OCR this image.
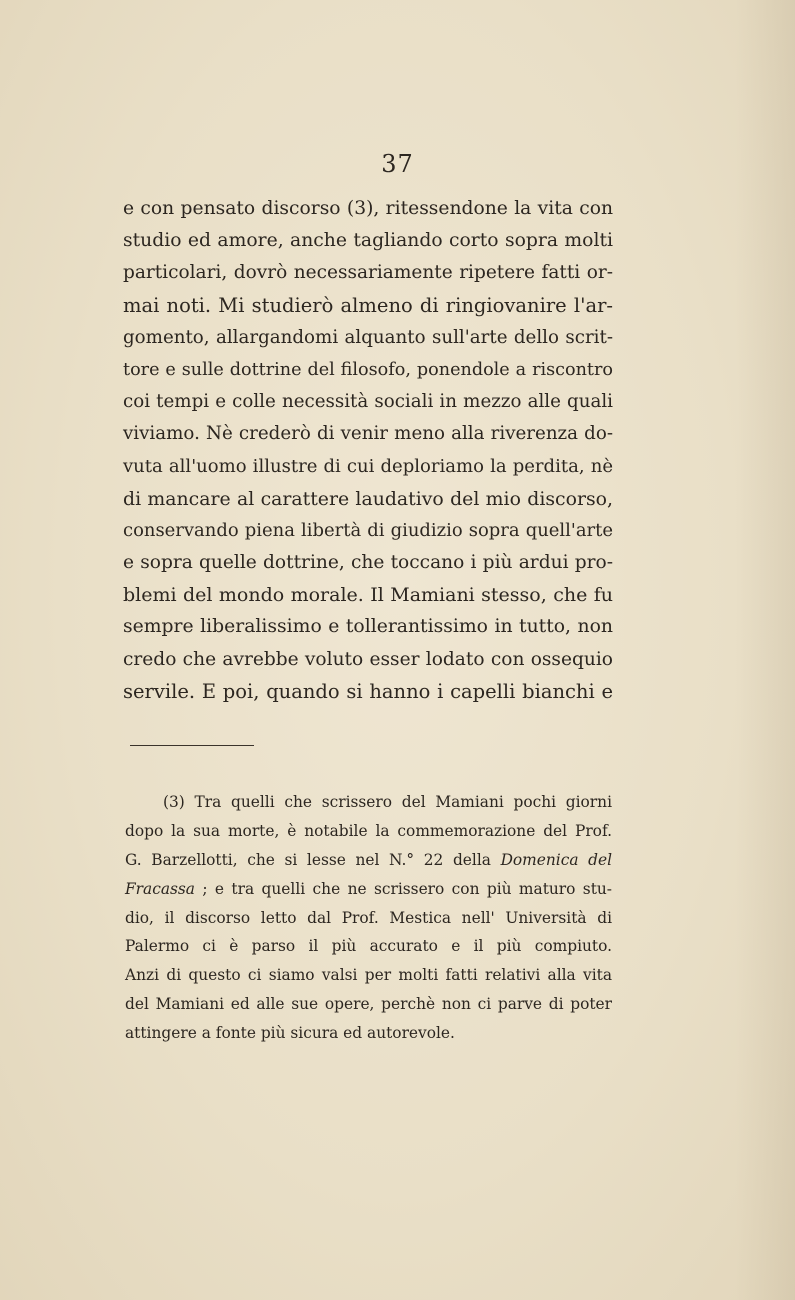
37
e con pensato discorso (3), ritessendone la vita con
studio ed amore, anche tagliando corto sopra molti
particolari, dovrò necessariamente ripetere fatti or-
mai noti. Mi studierò almeno di ringiovanire l'ar-
gomento, allargandomi alquanto sull'arte dello scrit-
tore e sulle dottrine del filosofo, ponendole a riscontro
coi tempi e colle necessità sociali in mezzo alle quali
viviamo. Nè crederò di venir meno alla riverenza do-
vuta all'uomo illustre di cui deploriamo la perdita, nè
di mancare al carattere laudativo del mio discorso,
conservando piena libertà di giudizio sopra quell'arte
e sopra quelle dottrine, che toccano i più ardui pro-
blemi del mondo morale. Il Mamiani stesso, che fu
sempre liberalissimo e tollerantissimo in tutto, non
credo che avrebbe voluto esser lodato con ossequio
servile. E poi, quando si hanno i capelli bianchi e
(3) Tra quelli che scrissero del Mamiani pochi giorni
dopo la sua morte, è notabile la commemorazione del Prof.
G. Barzellotti, che si lesse nel N.° 22 della Domenica del
Fracassa ; e tra quelli che ne scrissero con più maturo stu-
dio, il discorso letto dal Prof. Mestica nell' Università di
Palermo ci è parso il più accurato e il più compiuto.
Anzi di questo ci siamo valsi per molti fatti relativi alla vita
del Mamiani ed alle sue opere, perchè non ci parve di poter
attingere a fonte più sicura ed autorevole.
